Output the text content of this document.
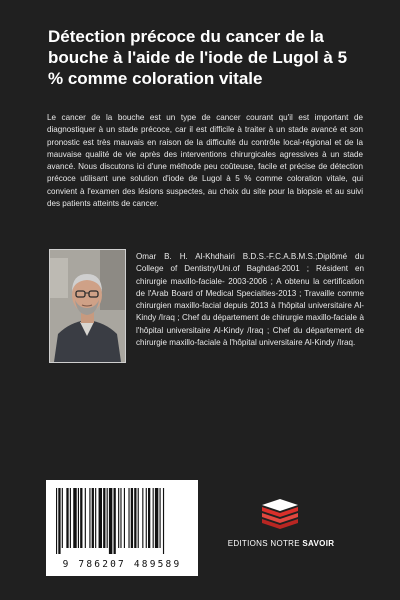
Détection précoce du cancer de la bouche à l'aide de l'iode de Lugol à 5 % comme coloration vitale

Le cancer de la bouche est un type de cancer courant qu'il est important de diagnostiquer à un stade précoce, car il est difficile à traiter à un stade avancé et son pronostic est très mauvais en raison de la difficulté du contrôle local-régional et de la mauvaise qualité de vie après des interventions chirurgicales agressives à un stade avancé. Nous discutons ici d'une méthode peu coûteuse, facile et précise de détection précoce utilisant une solution d'iode de Lugol à 5 % comme coloration vitale, qui convient à l'examen des lésions suspectes, au choix du site pour la biopsie et au suivi des patients atteints de cancer.

Omar B. H. Al-Khdhairi B.D.S.-F.C.A.B.M.S.;Diplômé du College of Dentistry/Uni.of Baghdad-2001 ; Résident en chirurgie maxillo-faciale- 2003-2006 ; A obtenu la certification de l'Arab Board of Medical Specialties-2013 ; Travaille comme chirurgien maxillo-facial depuis 2013 à l'hôpital universitaire Al-Kindy /Iraq ; Chef du département de chirurgie maxillo-faciale à l'hôpital universitaire Al-Kindy /Iraq ; Chef du département de chirurgie maxillo-faciale à l'hôpital universitaire Al-Kindy /Iraq.

9 786207 489589
EDITIONS NOTRE SAVOIR
